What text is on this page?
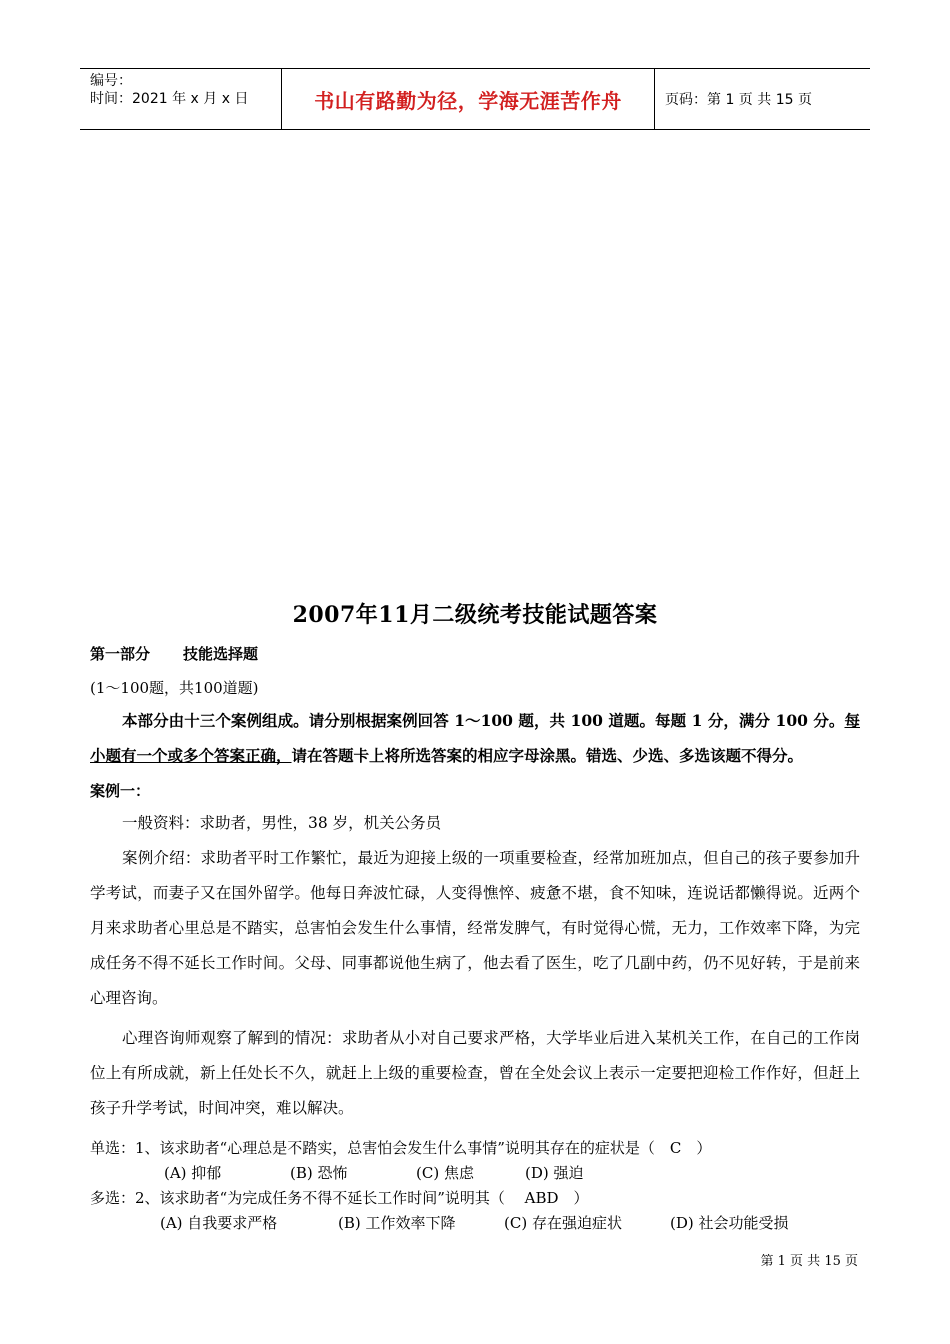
编号：
时间：2021 年 x 月 x 日	书山有路勤为径，学海无涯苦作舟	页码：第 1 页 共 15 页
2007年11月二级统考技能试题答案
第一部分 技能选择题
(1～100题，共100道题)
本部分由十三个案例组成。请分别根据案例回答 1～100 题，共 100 道题。每题 1 分，满分 100 分。每小题有一个或多个答案正确，请在答题卡上将所选答案的相应字母涂黑。错选、少选、多选该题不得分。
案例一：
一般资料：求助者，男性，38 岁，机关公务员
案例介绍：求助者平时工作繁忙，最近为迎接上级的一项重要检查，经常加班加点，但自己的孩子要参加升学考试，而妻子又在国外留学。他每日奔波忙碌，人变得憔悴、疲惫不堪，食不知味，连说话都懒得说。近两个月来求助者心里总是不踏实，总害怕会发生什么事情，经常发脾气，有时觉得心慌，无力，工作效率下降，为完成任务不得不延长工作时间。父母、同事都说他生病了，他去看了医生，吃了几副中药，仍不见好转，于是前来心理咨询。
心理咨询师观察了解到的情况：求助者从小对自己要求严格，大学毕业后进入某机关工作，在自己的工作岗位上有所成就，新上任处长不久，就赶上上级的重要检查，曾在全处会议上表示一定要把迎检工作作好，但赶上孩子升学考试，时间冲突，难以解决。
单选：1、该求助者“心理总是不踏实，总害怕会发生什么事情”说明其存在的症状是（　C　）
(A) 抑郁	(B) 恐怖	(C) 焦虑	(D) 强迫
多选：2、该求助者“为完成任务不得不延长工作时间”说明其（　 ABD　）
(A) 自我要求严格	(B) 工作效率下降	(C) 存在强迫症状	(D) 社会功能受损
第 1 页 共 15 页
